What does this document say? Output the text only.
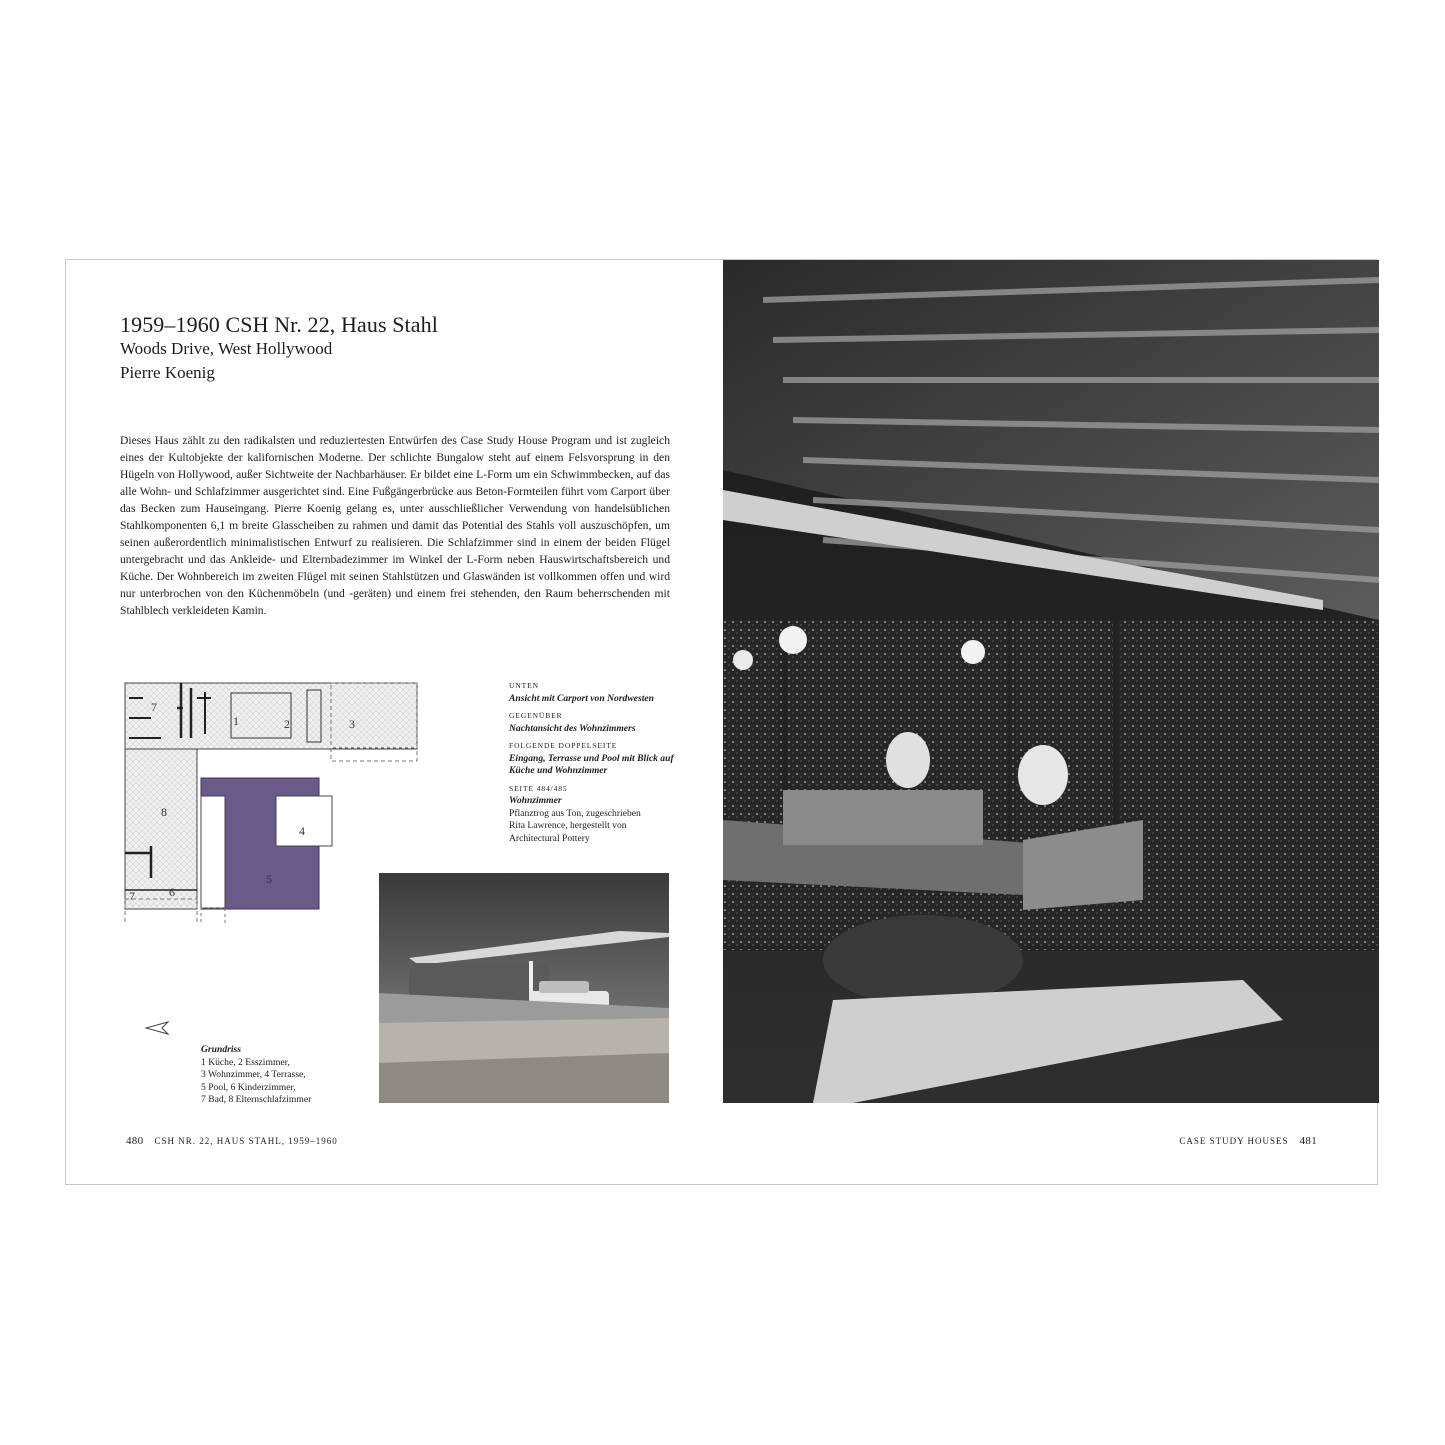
1959–1960 CSH Nr. 22, Haus Stahl
Woods Drive, West Hollywood
Pierre Koenig

Dieses Haus zählt zu den radikalsten und reduziertesten Entwürfen des Case Study House Program und ist zugleich eines der Kultobjekte der kalifornischen Moderne. Der schlichte Bungalow steht auf einem Felsvorsprung in den Hügeln von Hollywood, außer Sichtweite der Nachbarhäuser. Er bildet eine L-Form um ein Schwimmbecken, auf das alle Wohn- und Schlafzimmer ausgerichtet sind. Eine Fußgängerbrücke aus Beton-Formteilen führt vom Carport über das Becken zum Hauseingang. Pierre Koenig gelang es, unter ausschließlicher Verwendung von handelsüblichen Stahlkomponenten 6,1 m breite Glasscheiben zu rahmen und damit das Potential des Stahls voll auszuschöpfen, um seinen außerordentlich minimalistischen Entwurf zu realisieren. Die Schlafzimmer sind in einem der beiden Flügel untergebracht und das Ankleide- und Elternbadezimmer im Winkel der L-Form neben Hauswirtschaftsbereich und Küche. Der Wohnbereich im zweiten Flügel mit seinen Stahlstützen und Glaswänden ist vollkommen offen und wird nur unterbrochen von den Küchenmöbeln (und -geräten) und einem frei stehenden, den Raum beherrschenden mit Stahlblech verkleideten Kamin.

7
1	2	3
8
4
5
7	6
Grundriss
1 Küche, 2 Esszimmer,
3 Wohnzimmer, 4 Terrasse,
5 Pool, 6 Kinderzimmer,
7 Bad, 8 Elternschlafzimmer
UNTEN
Ansicht mit Carport von Nordwesten
GEGENÜBER
Nachtansicht des Wohnzimmers
FOLGENDE DOPPELSEITE
Eingang, Terrasse und Pool mit Blick auf Küche und Wohnzimmer
SEITE 484/485
Wohnzimmer
Pflanztrog aus Ton, zugeschrieben
Rita Lawrence, hergestellt von
Architectural Pottery
480 CSH NR. 22, HAUS STAHL, 1959–1960	CASE STUDY HOUSES 481
